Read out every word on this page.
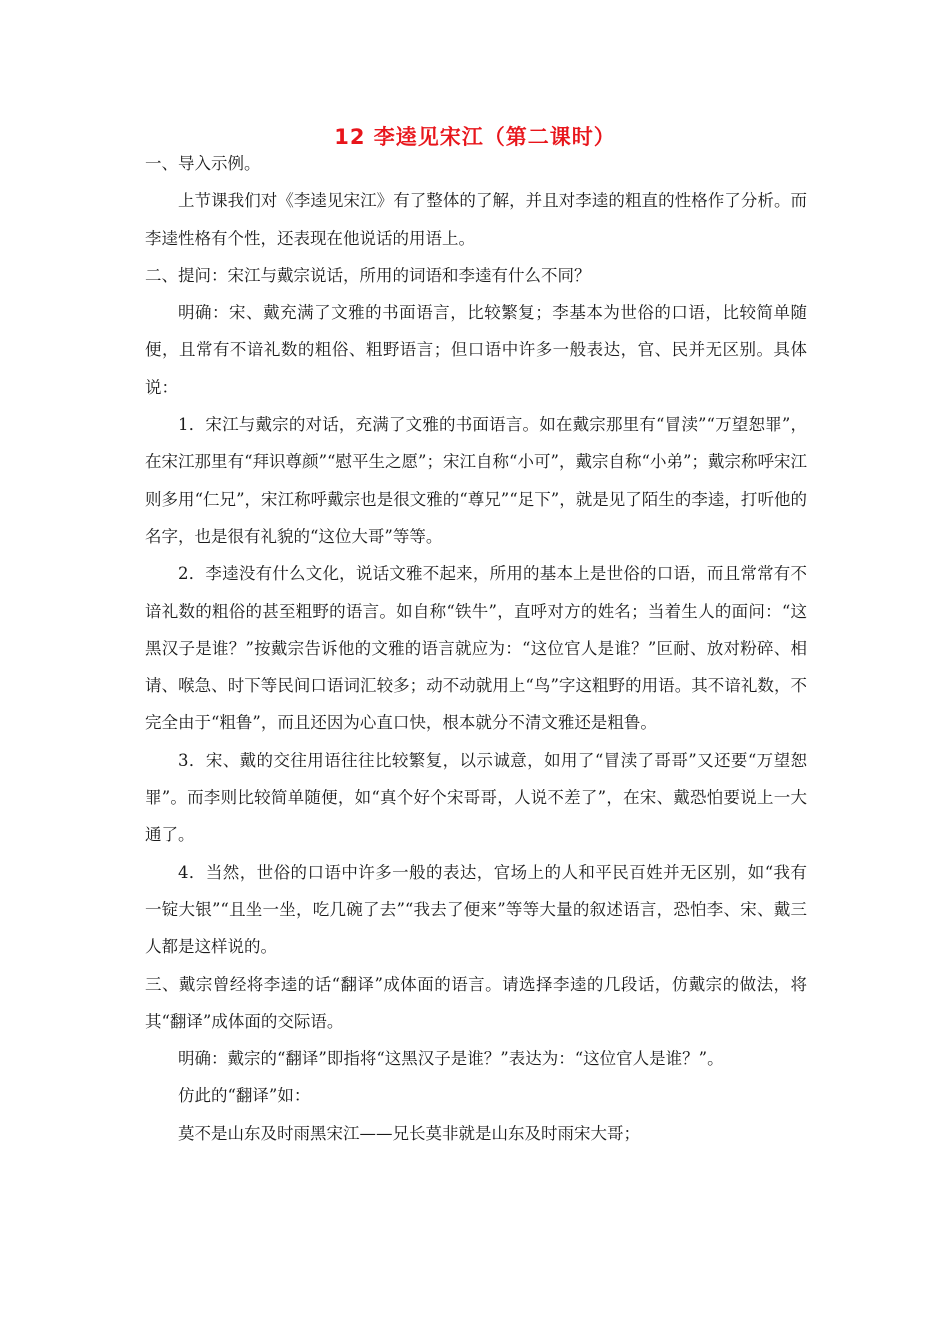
12 李逵见宋江（第二课时）

一、导入示例。

上节课我们对《李逵见宋江》有了整体的了解，并且对李逵的粗直的性格作了分析。而李逵性格有个性，还表现在他说话的用语上。

二、提问：宋江与戴宗说话，所用的词语和李逵有什么不同？

明确：宋、戴充满了文雅的书面语言，比较繁复；李基本为世俗的口语，比较简单随便，且常有不谙礼数的粗俗、粗野语言；但口语中许多一般表达，官、民并无区别。具体说：

1．宋江与戴宗的对话，充满了文雅的书面语言。如在戴宗那里有“冒渎”“万望恕罪”，在宋江那里有“拜识尊颜”“慰平生之愿”；宋江自称“小可”，戴宗自称“小弟”；戴宗称呼宋江则多用“仁兄”，宋江称呼戴宗也是很文雅的“尊兄”“足下”，就是见了陌生的李逵，打听他的名字，也是很有礼貌的“这位大哥”等等。

2．李逵没有什么文化，说话文雅不起来，所用的基本上是世俗的口语，而且常常有不谙礼数的粗俗的甚至粗野的语言。如自称“铁牛”，直呼对方的姓名；当着生人的面问：“这黑汉子是谁？”按戴宗告诉他的文雅的语言就应为：“这位官人是谁？”叵耐、放对粉碎、相请、喉急、时下等民间口语词汇较多；动不动就用上“鸟”字这粗野的用语。其不谙礼数，不完全由于“粗鲁”，而且还因为心直口快，根本就分不清文雅还是粗鲁。

3．宋、戴的交往用语往往比较繁复，以示诚意，如用了“冒渎了哥哥”又还要“万望恕罪”。而李则比较简单随便，如“真个好个宋哥哥，人说不差了”，在宋、戴恐怕要说上一大通了。

4．当然，世俗的口语中许多一般的表达，官场上的人和平民百姓并无区别，如“我有一锭大银”“且坐一坐，吃几碗了去”“我去了便来”等等大量的叙述语言，恐怕李、宋、戴三人都是这样说的。

三、戴宗曾经将李逵的话“翻译”成体面的语言。请选择李逵的几段话，仿戴宗的做法，将其“翻译”成体面的交际语。

明确：戴宗的“翻译”即指将“这黑汉子是谁？”表达为：“这位官人是谁？”。

仿此的“翻译”如：

莫不是山东及时雨黑宋江——兄长莫非就是山东及时雨宋大哥；
